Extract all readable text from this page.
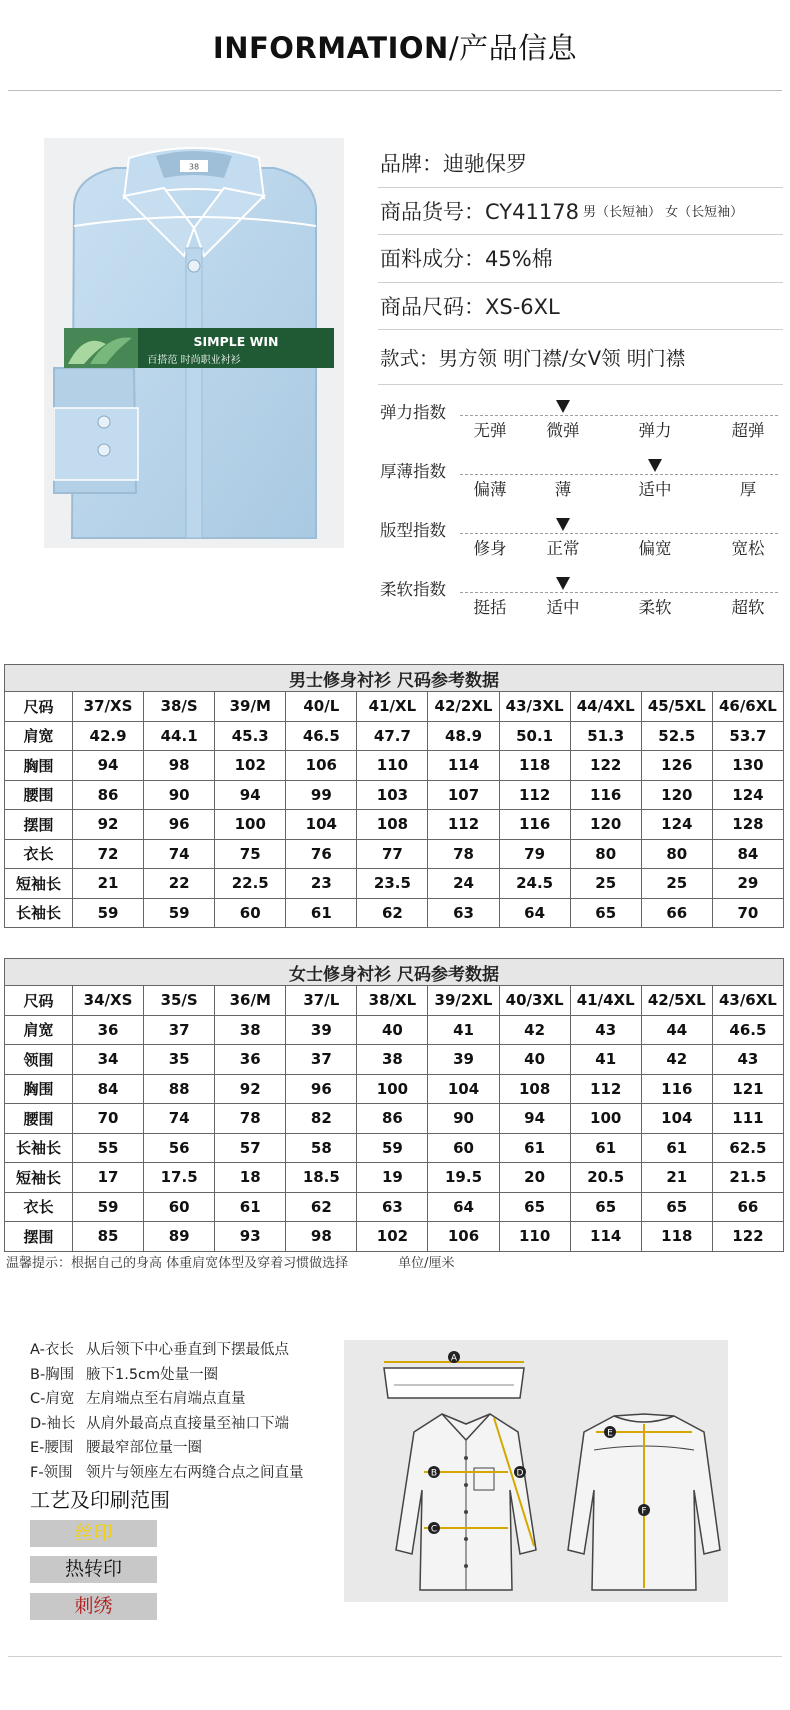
INFORMATION/产品信息
38
SIMPLE WIN
百搭范 时尚职业衬衫
品牌：迪驰保罗
商品货号：CY41178 男（长短袖） 女（长短袖）
面料成分：45%棉
商品尺码：XS-6XL
款式：男方领 明门襟/女V领 明门襟
弹力指数
无弹	微弹	弹力	超弹
厚薄指数
偏薄	薄	适中	厚
版型指数
修身	正常	偏宽	宽松
柔软指数
挺括	适中	柔软	超软
男士修身衬衫 尺码参考数据										
尺码	37/XS	38/S	39/M	40/L	41/XL	42/2XL	43/3XL	44/4XL	45/5XL	46/6XL
肩宽	42.9	44.1	45.3	46.5	47.7	48.9	50.1	51.3	52.5	53.7
胸围	94	98	102	106	110	114	118	122	126	130
腰围	86	90	94	99	103	107	112	116	120	124
摆围	92	96	100	104	108	112	116	120	124	128
衣长	72	74	75	76	77	78	79	80	80	84
短袖长	21	22	22.5	23	23.5	24	24.5	25	25	29
长袖长	59	59	60	61	62	63	64	65	66	70
女士修身衬衫 尺码参考数据										
尺码	34/XS	35/S	36/M	37/L	38/XL	39/2XL	40/3XL	41/4XL	42/5XL	43/6XL
肩宽	36	37	38	39	40	41	42	43	44	46.5
领围	34	35	36	37	38	39	40	41	42	43
胸围	84	88	92	96	100	104	108	112	116	121
腰围	70	74	78	82	86	90	94	100	104	111
长袖长	55	56	57	58	59	60	61	61	61	62.5
短袖长	17	17.5	18	18.5	19	19.5	20	20.5	21	21.5
衣长	59	60	61	62	63	64	65	65	65	66
摆围	85	89	93	98	102	106	110	114	118	122
温馨提示：根据自己的身高 体重肩宽体型及穿着习惯做选择	单位/厘米
A-衣长 从后领下中心垂直到下摆最低点
B-胸围 腋下1.5cm处量一圈
C-肩宽 左肩端点至右肩端点直量
D-袖长 从肩外最高点直接量至袖口下端
E-腰围 腰最窄部位量一圈
F-领围 领片与领座左右两缝合点之间直量
工艺及印刷范围
丝印
热转印
刺绣
A
B
C
D
E
F
